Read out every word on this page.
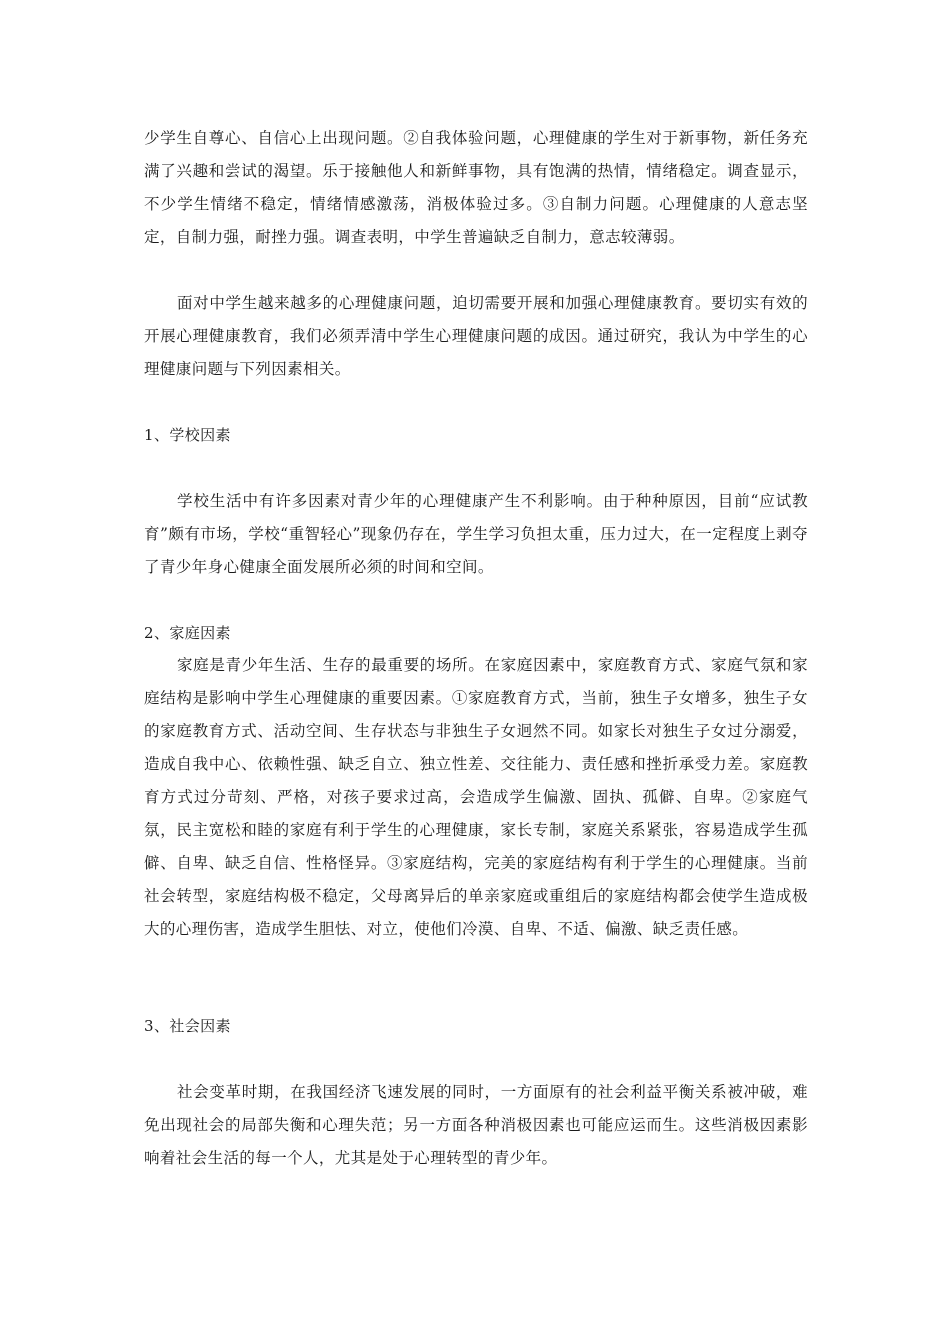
少学生自尊心、自信心上出现问题。②自我体验问题，心理健康的学生对于新事物，新任务充满了兴趣和尝试的渴望。乐于接触他人和新鲜事物，具有饱满的热情，情绪稳定。调查显示，不少学生情绪不稳定，情绪情感激荡，消极体验过多。③自制力问题。心理健康的人意志坚定，自制力强，耐挫力强。调查表明，中学生普遍缺乏自制力，意志较薄弱。

面对中学生越来越多的心理健康问题，迫切需要开展和加强心理健康教育。要切实有效的开展心理健康教育，我们必须弄清中学生心理健康问题的成因。通过研究，我认为中学生的心理健康问题与下列因素相关。

1、学校因素

学校生活中有许多因素对青少年的心理健康产生不利影响。由于种种原因，目前“应试教育”颇有市场，学校“重智轻心”现象仍存在，学生学习负担太重，压力过大，在一定程度上剥夺了青少年身心健康全面发展所必须的时间和空间。

2、家庭因素

家庭是青少年生活、生存的最重要的场所。在家庭因素中，家庭教育方式、家庭气氛和家庭结构是影响中学生心理健康的重要因素。①家庭教育方式，当前，独生子女增多，独生子女的家庭教育方式、活动空间、生存状态与非独生子女迥然不同。如家长对独生子女过分溺爱，造成自我中心、依赖性强、缺乏自立、独立性差、交往能力、责任感和挫折承受力差。家庭教育方式过分苛刻、严格，对孩子要求过高，会造成学生偏激、固执、孤僻、自卑。②家庭气氛，民主宽松和睦的家庭有利于学生的心理健康，家长专制，家庭关系紧张，容易造成学生孤僻、自卑、缺乏自信、性格怪异。③家庭结构，完美的家庭结构有利于学生的心理健康。当前社会转型，家庭结构极不稳定，父母离异后的单亲家庭或重组后的家庭结构都会使学生造成极大的心理伤害，造成学生胆怯、对立，使他们冷漠、自卑、不适、偏激、缺乏责任感。

3、社会因素

社会变革时期，在我国经济飞速发展的同时，一方面原有的社会利益平衡关系被冲破，难免出现社会的局部失衡和心理失范；另一方面各种消极因素也可能应运而生。这些消极因素影响着社会生活的每一个人，尤其是处于心理转型的青少年。
